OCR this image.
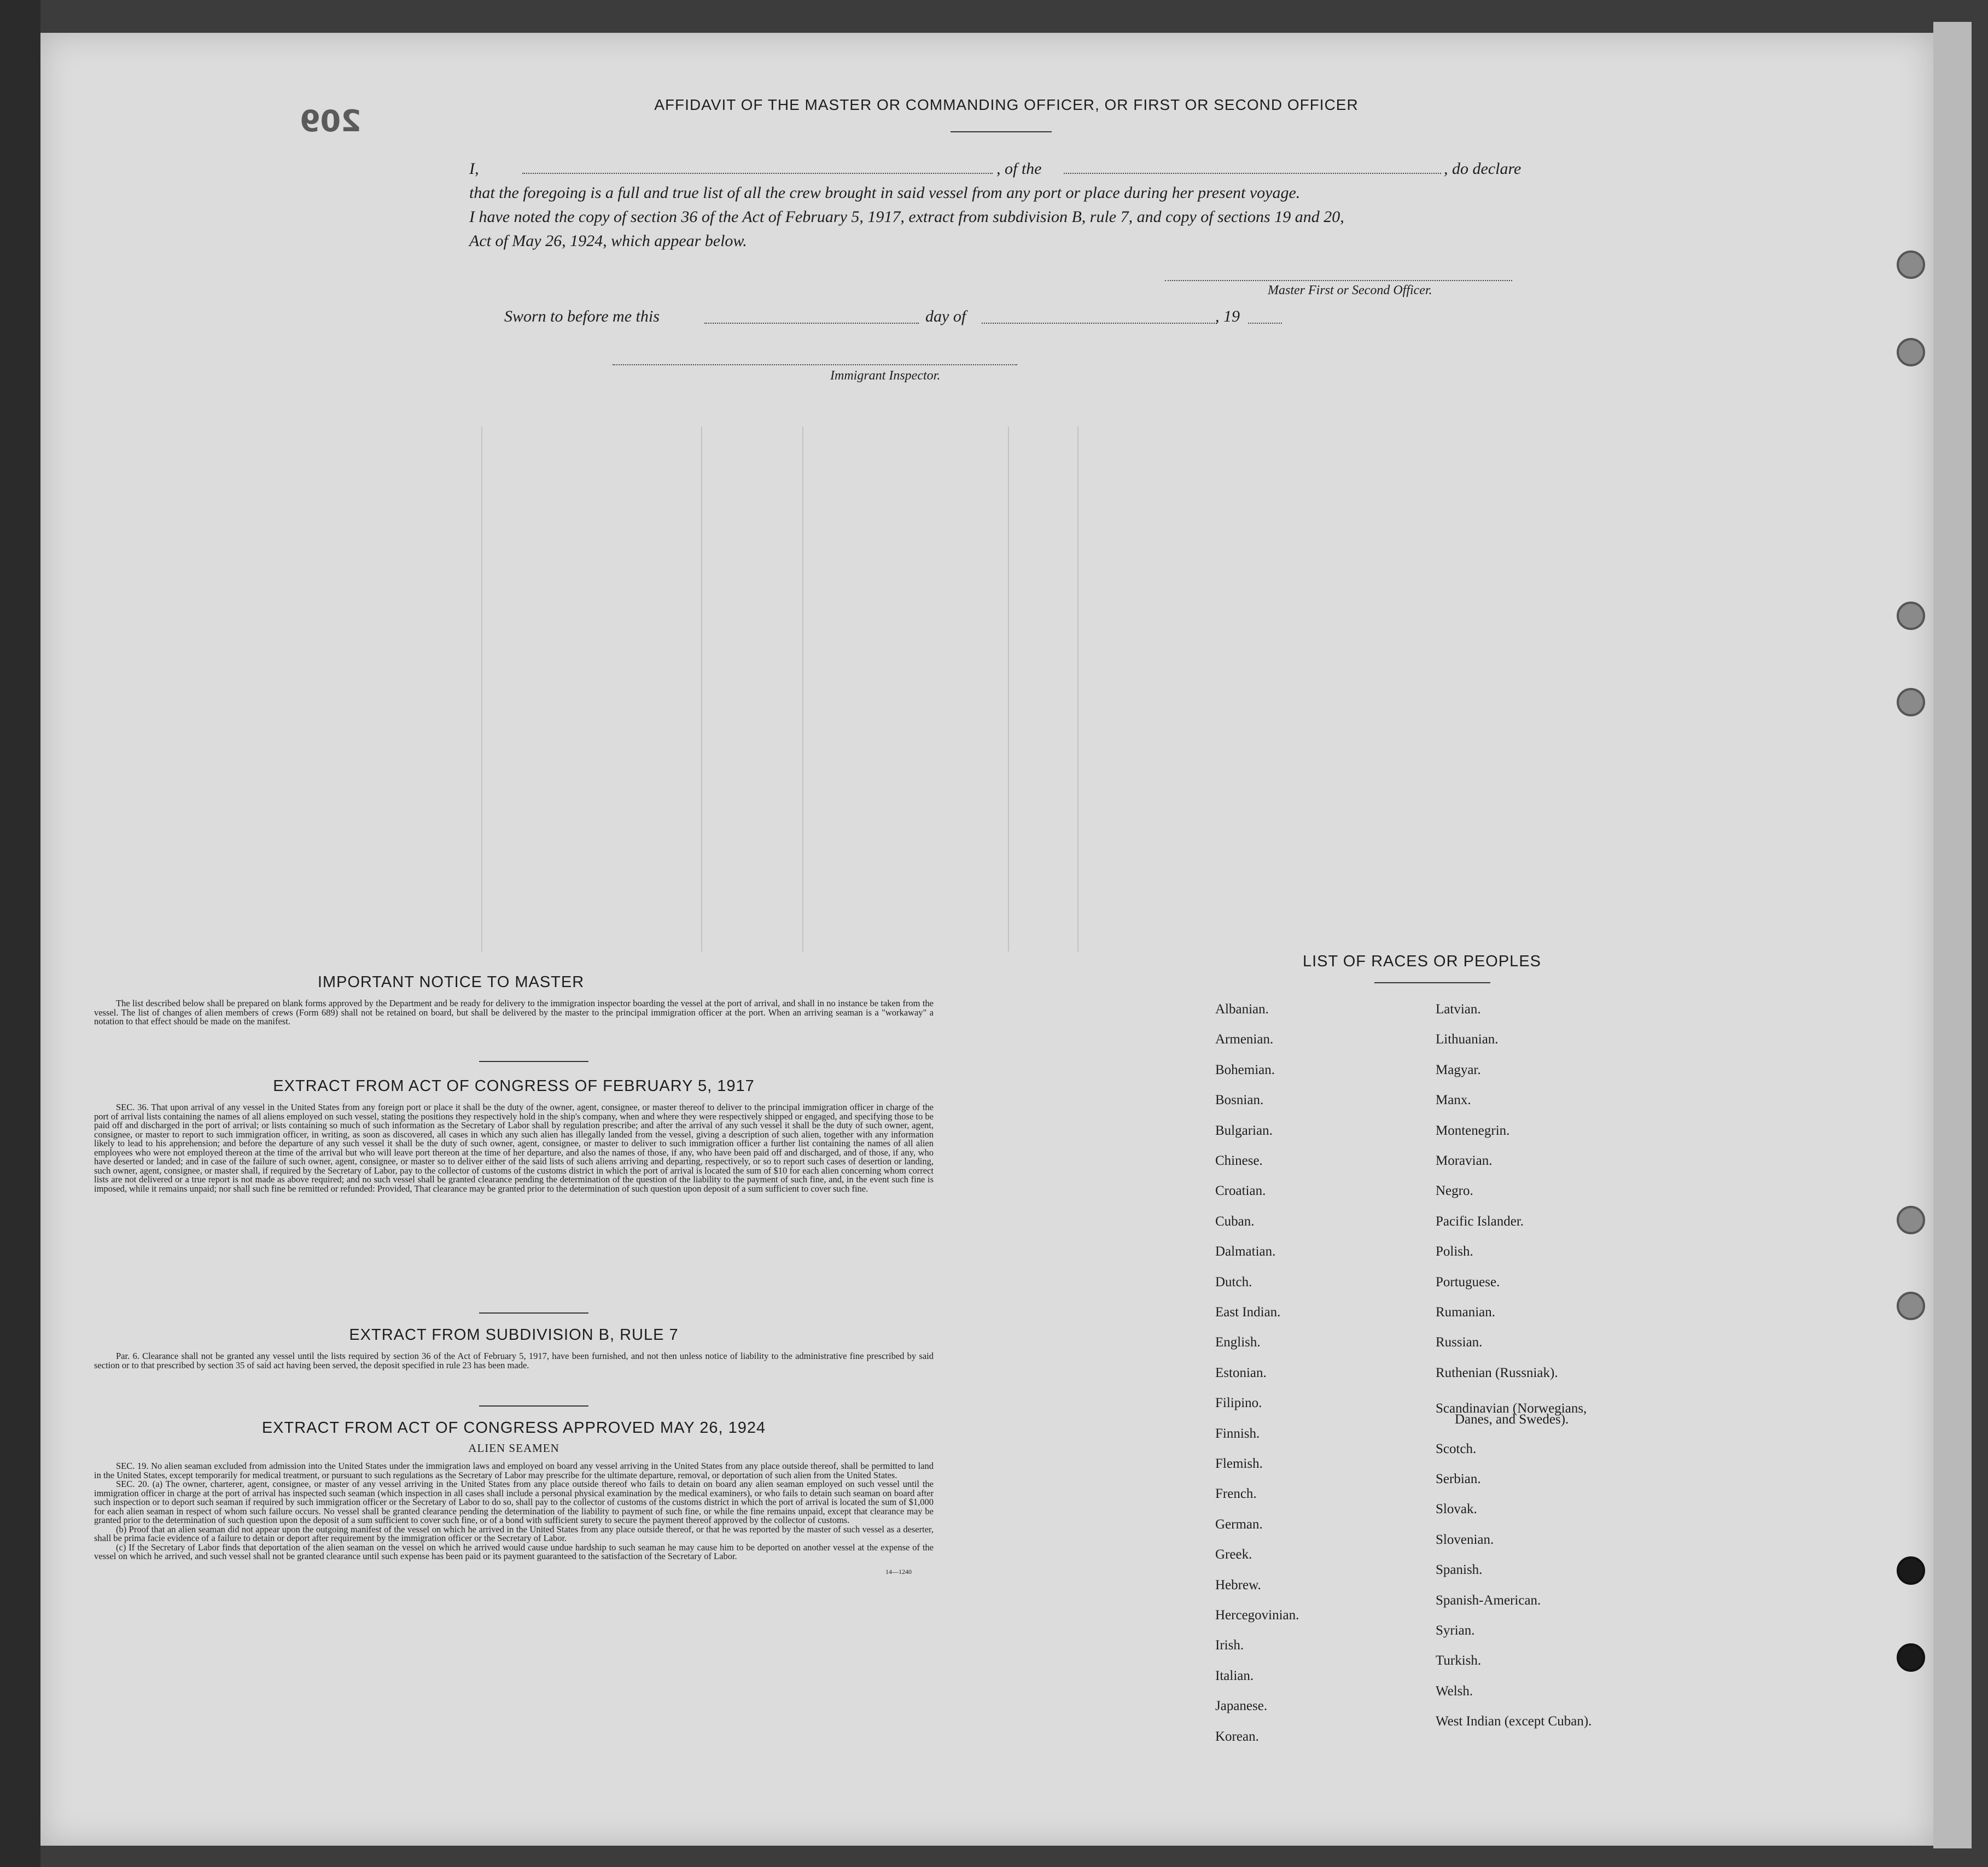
209	AFFIDAVIT OF THE MASTER OR COMMANDING OFFICER, OR FIRST OR SECOND OFFICER
I,	, of the	, do declare
that the foregoing is a full and true list of all the crew brought in said vessel from any port or place during her present voyage.
I have noted the copy of section 36 of the Act of February 5, 1917, extract from subdivision B, rule 7, and copy of sections 19 and 20,
Act of May 26, 1924, which appear below.
Master First or Second Officer.
Sworn to before me this	day of	, 19
Immigrant Inspector.
IMPORTANT NOTICE TO MASTER
The list described below shall be prepared on blank forms approved by the Department and be ready for delivery to the immigration inspector boarding the vessel at the port of arrival, and shall in no instance be taken from the vessel. The list of changes of alien members of crews (Form 689) shall not be retained on board, but shall be delivered by the master to the principal immigration officer at the port. When an arriving seaman is a "workaway" a notation to that effect should be made on the manifest.
EXTRACT FROM ACT OF CONGRESS OF FEBRUARY 5, 1917
SEC. 36. That upon arrival of any vessel in the United States from any foreign port or place it shall be the duty of the owner, agent, consignee, or master thereof to deliver to the principal immigration officer in charge of the port of arrival lists containing the names of all aliens employed on such vessel, stating the positions they respectively hold in the ship's company, when and where they were respectively shipped or engaged, and specifying those to be paid off and discharged in the port of arrival; or lists containing so much of such information as the Secretary of Labor shall by regulation prescribe; and after the arrival of any such vessel it shall be the duty of such owner, agent, consignee, or master to report to such immigration officer, in writing, as soon as discovered, all cases in which any such alien has illegally landed from the vessel, giving a description of such alien, together with any information likely to lead to his apprehension; and before the departure of any such vessel it shall be the duty of such owner, agent, consignee, or master to deliver to such immigration officer a further list containing the names of all alien employees who were not employed thereon at the time of the arrival but who will leave port thereon at the time of her departure, and also the names of those, if any, who have been paid off and discharged, and of those, if any, who have deserted or landed; and in case of the failure of such owner, agent, consignee, or master so to deliver either of the said lists of such aliens arriving and departing, respectively, or so to report such cases of desertion or landing, such owner, agent, consignee, or master shall, if required by the Secretary of Labor, pay to the collector of customs of the customs district in which the port of arrival is located the sum of $10 for each alien concerning whom correct lists are not delivered or a true report is not made as above required; and no such vessel shall be granted clearance pending the determination of the question of the liability to the payment of such fine, and, in the event such fine is imposed, while it remains unpaid; nor shall such fine be remitted or refunded: Provided, That clearance may be granted prior to the determination of such question upon deposit of a sum sufficient to cover such fine.
EXTRACT FROM SUBDIVISION B, RULE 7
Par. 6. Clearance shall not be granted any vessel until the lists required by section 36 of the Act of February 5, 1917, have been furnished, and not then unless notice of liability to the administrative fine prescribed by said section or to that prescribed by section 35 of said act having been served, the deposit specified in rule 23 has been made.
EXTRACT FROM ACT OF CONGRESS APPROVED MAY 26, 1924
ALIEN SEAMEN
SEC. 19. No alien seaman excluded from admission into the United States under the immigration laws and employed on board any vessel arriving in the United States from any place outside thereof, shall be permitted to land in the United States, except temporarily for medical treatment, or pursuant to such regulations as the Secretary of Labor may prescribe for the ultimate departure, removal, or deportation of such alien from the United States.
SEC. 20. (a) The owner, charterer, agent, consignee, or master of any vessel arriving in the United States from any place outside thereof who fails to detain on board any alien seaman employed on such vessel until the immigration officer in charge at the port of arrival has inspected such seaman (which inspection in all cases shall include a personal physical examination by the medical examiners), or who fails to detain such seaman on board after such inspection or to deport such seaman if required by such immigration officer or the Secretary of Labor to do so, shall pay to the collector of customs of the customs district in which the port of arrival is located the sum of $1,000 for each alien seaman in respect of whom such failure occurs. No vessel shall be granted clearance pending the determination of the liability to payment of such fine, or while the fine remains unpaid, except that clearance may be granted prior to the determination of such question upon the deposit of a sum sufficient to cover such fine, or of a bond with sufficient surety to secure the payment thereof approved by the collector of customs.
(b) Proof that an alien seaman did not appear upon the outgoing manifest of the vessel on which he arrived in the United States from any place outside thereof, or that he was reported by the master of such vessel as a deserter, shall be prima facie evidence of a failure to detain or deport after requirement by the immigration officer or the Secretary of Labor.
(c) If the Secretary of Labor finds that deportation of the alien seaman on the vessel on which he arrived would cause undue hardship to such seaman he may cause him to be deported on another vessel at the expense of the vessel on which he arrived, and such vessel shall not be granted clearance until such expense has been paid or its payment guaranteed to the satisfaction of the Secretary of Labor.
14—1240
LIST OF RACES OR PEOPLES
Albanian.
Armenian.
Bohemian.
Bosnian.
Bulgarian.
Chinese.
Croatian.
Cuban.
Dalmatian.
Dutch.
East Indian.
English.
Estonian.
Filipino.
Finnish.
Flemish.
French.
German.
Greek.
Hebrew.
Hercegovinian.
Irish.
Italian.
Japanese.
Korean.
Latvian.
Lithuanian.
Magyar.
Manx.
Montenegrin.
Moravian.
Negro.
Pacific Islander.
Polish.
Portuguese.
Rumanian.
Russian.
Ruthenian (Russniak).
Scandinavian (Norwegians,
Danes, and Swedes).
Scotch.
Serbian.
Slovak.
Slovenian.
Spanish.
Spanish-American.
Syrian.
Turkish.
Welsh.
West Indian (except Cuban).
